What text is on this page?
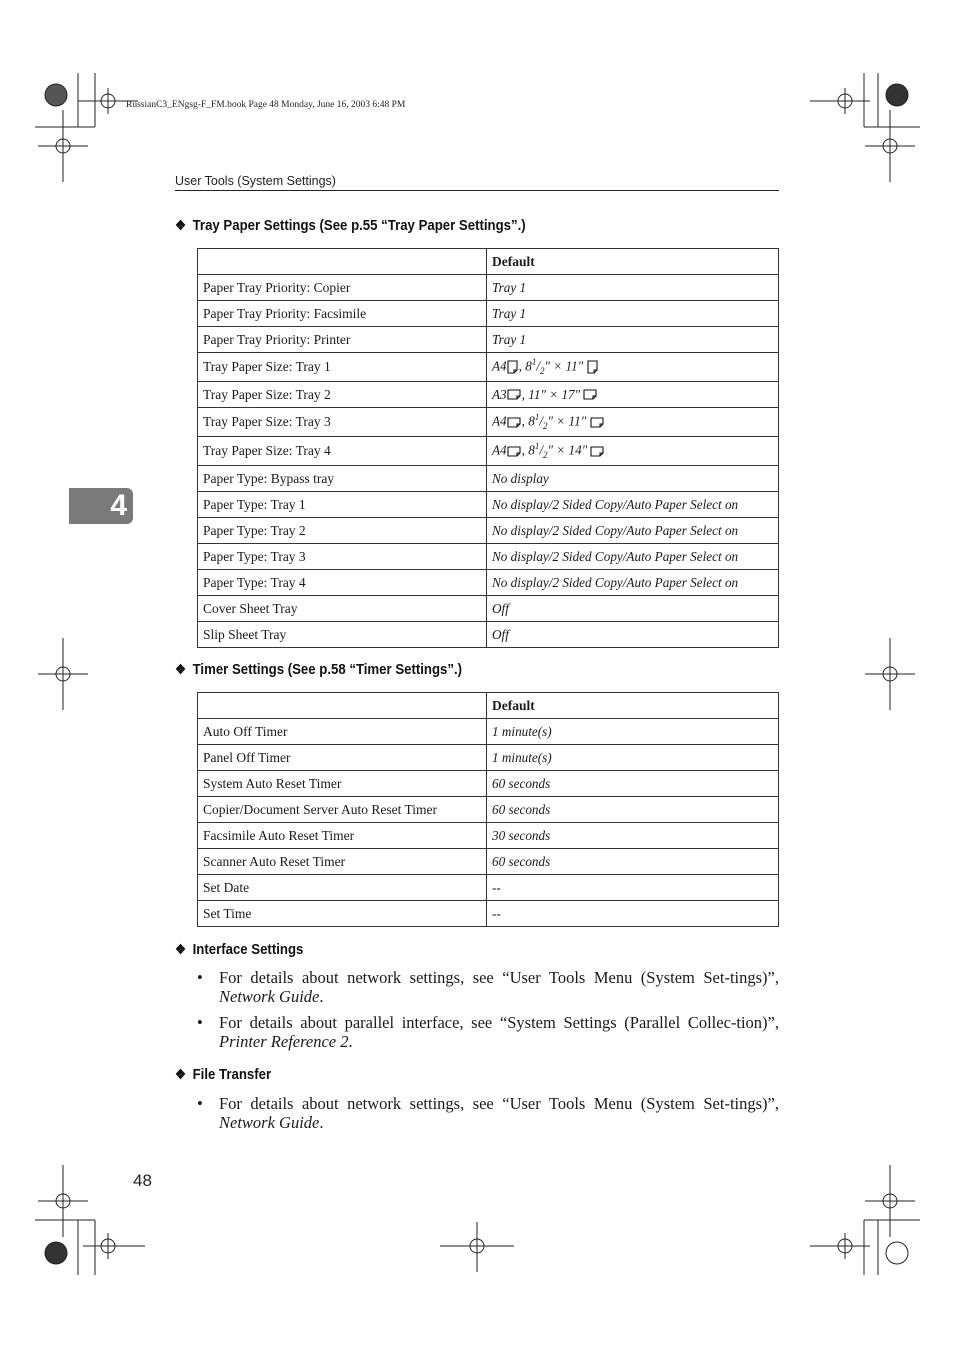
RussianC3_ENgsg-F_FM.book Page 48 Monday, June 16, 2003 6:48 PM
User Tools (System Settings)
4
❖ Tray Paper Settings (See p.55 “Tray Paper Settings”.)
	Default
Paper Tray Priority: Copier	Tray 1
Paper Tray Priority: Facsimile	Tray 1
Paper Tray Priority: Printer	Tray 1
Tray Paper Size: Tray 1	A4 , $8^1/_2'' \times 11''$
Tray Paper Size: Tray 2	A3 , 11″ × 17″
Tray Paper Size: Tray 3	A4 , $8^1/_2'' \times 11''$
Tray Paper Size: Tray 4	A4 , $8^1/_2'' \times 14''$
Paper Type: Bypass tray	No display
Paper Type: Tray 1	No display/2 Sided Copy/Auto Paper Select on
Paper Type: Tray 2	No display/2 Sided Copy/Auto Paper Select on
Paper Type: Tray 3	No display/2 Sided Copy/Auto Paper Select on
Paper Type: Tray 4	No display/2 Sided Copy/Auto Paper Select on
Cover Sheet Tray	Off
Slip Sheet Tray	Off
❖ Timer Settings (See p.58 “Timer Settings”.)
	Default
Auto Off Timer	1 minute(s)
Panel Off Timer	1 minute(s)
System Auto Reset Timer	60 seconds
Copier/Document Server Auto Reset Timer	60 seconds
Facsimile Auto Reset Timer	30 seconds
Scanner Auto Reset Timer	60 seconds
Set Date	--
Set Time	--
❖ Interface Settings
• For details about network settings, see “User Tools Menu (System Set-tings)”, Network Guide.
• For details about parallel interface, see “System Settings (Parallel Collec-tion)”, Printer Reference 2.
❖ File Transfer
• For details about network settings, see “User Tools Menu (System Set-tings)”, Network Guide.
48
